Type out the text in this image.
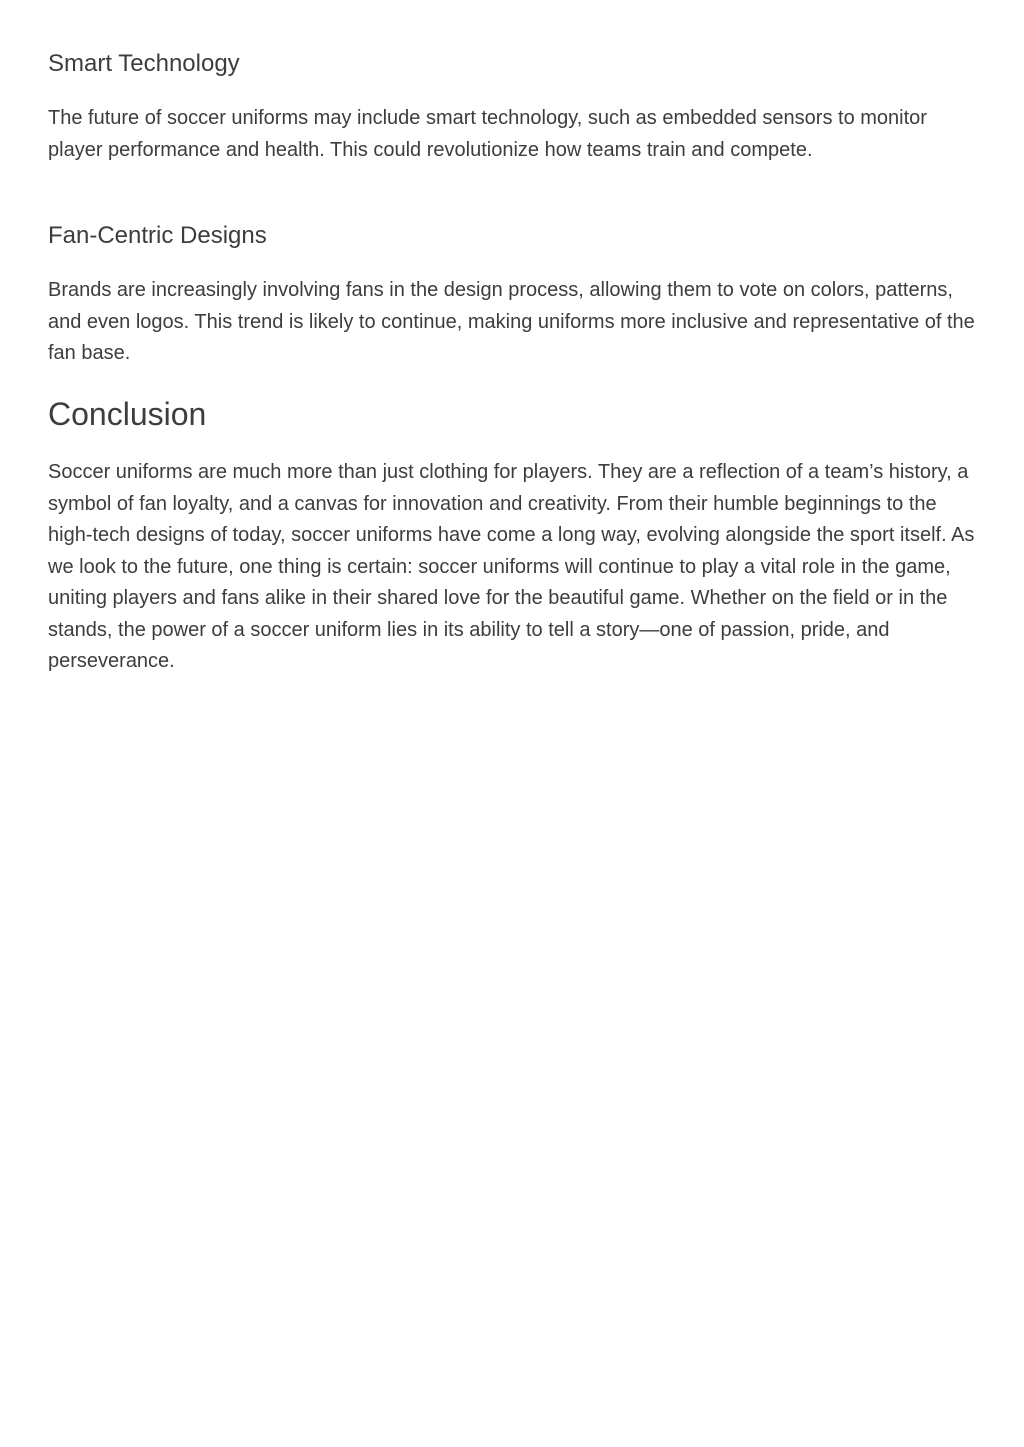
Smart Technology

The future of soccer uniforms may include smart technology, such as embedded sensors to monitor player performance and health. This could revolutionize how teams train and compete.

Fan-Centric Designs

Brands are increasingly involving fans in the design process, allowing them to vote on colors, patterns, and even logos. This trend is likely to continue, making uniforms more inclusive and representative of the fan base.

Conclusion

Soccer uniforms are much more than just clothing for players. They are a reflection of a team’s history, a symbol of fan loyalty, and a canvas for innovation and creativity. From their humble beginnings to the high-tech designs of today, soccer uniforms have come a long way, evolving alongside the sport itself. As we look to the future, one thing is certain: soccer uniforms will continue to play a vital role in the game, uniting players and fans alike in their shared love for the beautiful game. Whether on the field or in the stands, the power of a soccer uniform lies in its ability to tell a story—one of passion, pride, and perseverance.
